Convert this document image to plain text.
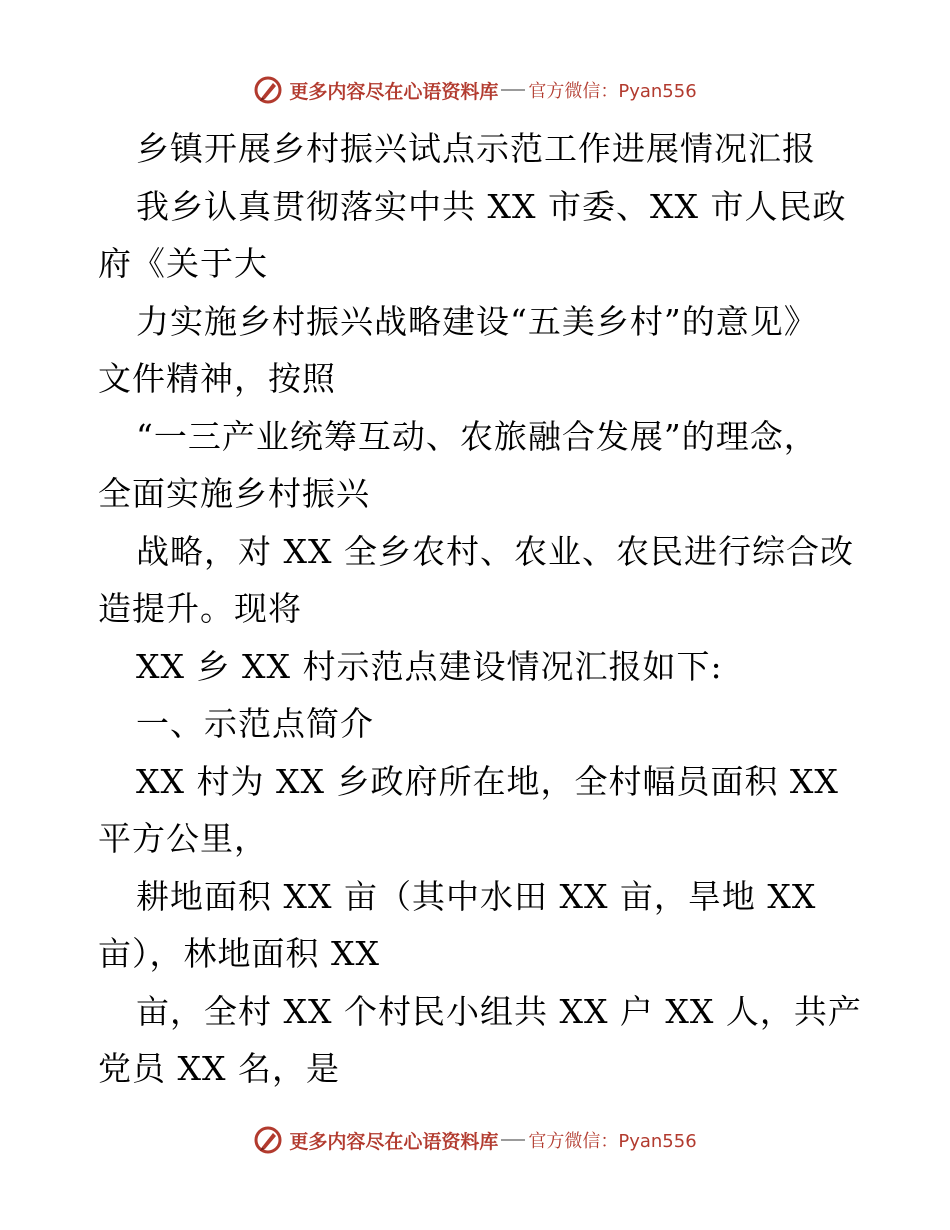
更多内容尽在心语资料库 官方微信：Pyan556
乡镇开展乡村振兴试点示范工作进展情况汇报
我乡认真贯彻落实中共 XX 市委、XX 市人民政
府《关于大
力实施乡村振兴战略建设“五美乡村”的意见》
文件精神，按照
“一三产业统筹互动、农旅融合发展”的理念，
全面实施乡村振兴
战略，对 XX 全乡农村、农业、农民进行综合改
造提升。现将
XX 乡 XX 村示范点建设情况汇报如下:
一、示范点简介
XX 村为 XX 乡政府所在地，全村幅员面积 XX
平方公里，
耕地面积 XX 亩（其中水田 XX 亩，旱地 XX
亩），林地面积 XX
亩，全村 XX 个村民小组共 XX 户 XX 人，共产
党员 XX 名，是
更多内容尽在心语资料库 官方微信：Pyan556
